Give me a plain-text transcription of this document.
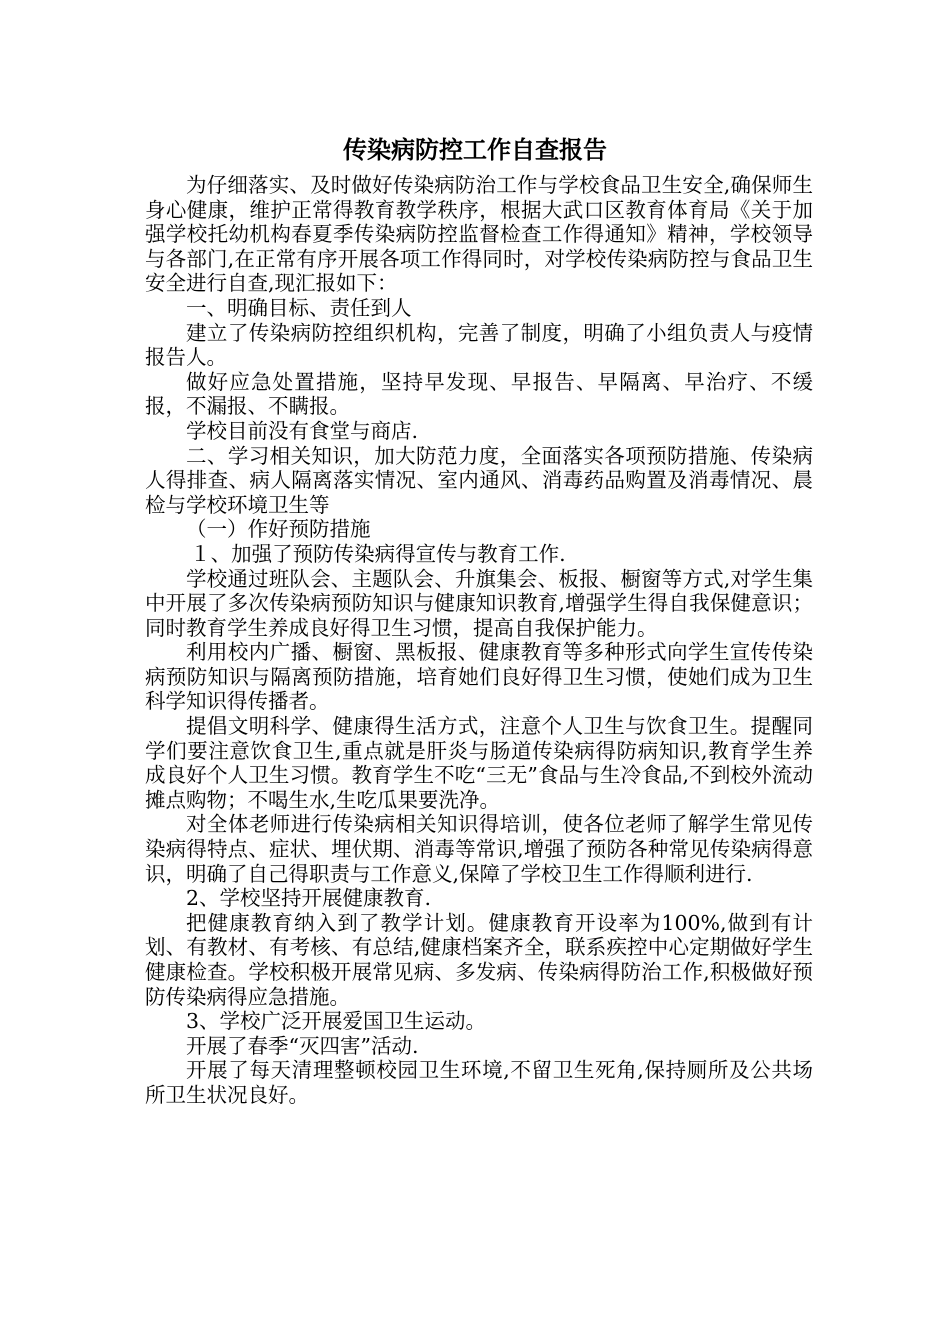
传染病防控工作自查报告

为仔细落实、及时做好传染病防治工作与学校食品卫生安全,确保师生身心健康，维护正常得教育教学秩序，根据大武口区教育体育局《关于加强学校托幼机构春夏季传染病防控监督检查工作得通知》精神，学校领导与各部门,在正常有序开展各项工作得同时，对学校传染病防控与食品卫生安全进行自查,现汇报如下：

一、明确目标、责任到人

建立了传染病防控组织机构，完善了制度，明确了小组负责人与疫情报告人。

做好应急处置措施，坚持早发现、早报告、早隔离、早治疗、不缓报，不漏报、不瞒报。

学校目前没有食堂与商店.

二、学习相关知识，加大防范力度，全面落实各项预防措施、传染病人得排查、病人隔离落实情况、室内通风、消毒药品购置及消毒情况、晨检与学校环境卫生等

（一）作好预防措施

１、加强了预防传染病得宣传与教育工作.

学校通过班队会、主题队会、升旗集会、板报、橱窗等方式,对学生集中开展了多次传染病预防知识与健康知识教育,增强学生得自我保健意识；同时教育学生养成良好得卫生习惯，提高自我保护能力。

利用校内广播、橱窗、黑板报、健康教育等多种形式向学生宣传传染病预防知识与隔离预防措施，培育她们良好得卫生习惯，使她们成为卫生科学知识得传播者。

提倡文明科学、健康得生活方式，注意个人卫生与饮食卫生。提醒同学们要注意饮食卫生,重点就是肝炎与肠道传染病得防病知识,教育学生养成良好个人卫生习惯。教育学生不吃“三无”食品与生冷食品,不到校外流动摊点购物；不喝生水,生吃瓜果要洗净。

对全体老师进行传染病相关知识得培训，使各位老师了解学生常见传染病得特点、症状、埋伏期、消毒等常识,增强了预防各种常见传染病得意识，明确了自己得职责与工作意义,保障了学校卫生工作得顺利进行.

2、学校坚持开展健康教育.

把健康教育纳入到了教学计划。健康教育开设率为100%,做到有计划、有教材、有考核、有总结,健康档案齐全，联系疾控中心定期做好学生健康检查。学校积极开展常见病、多发病、传染病得防治工作,积极做好预防传染病得应急措施。

3、学校广泛开展爱国卫生运动。

开展了春季“灭四害”活动.

开展了每天清理整顿校园卫生环境,不留卫生死角,保持厕所及公共场所卫生状况良好。
